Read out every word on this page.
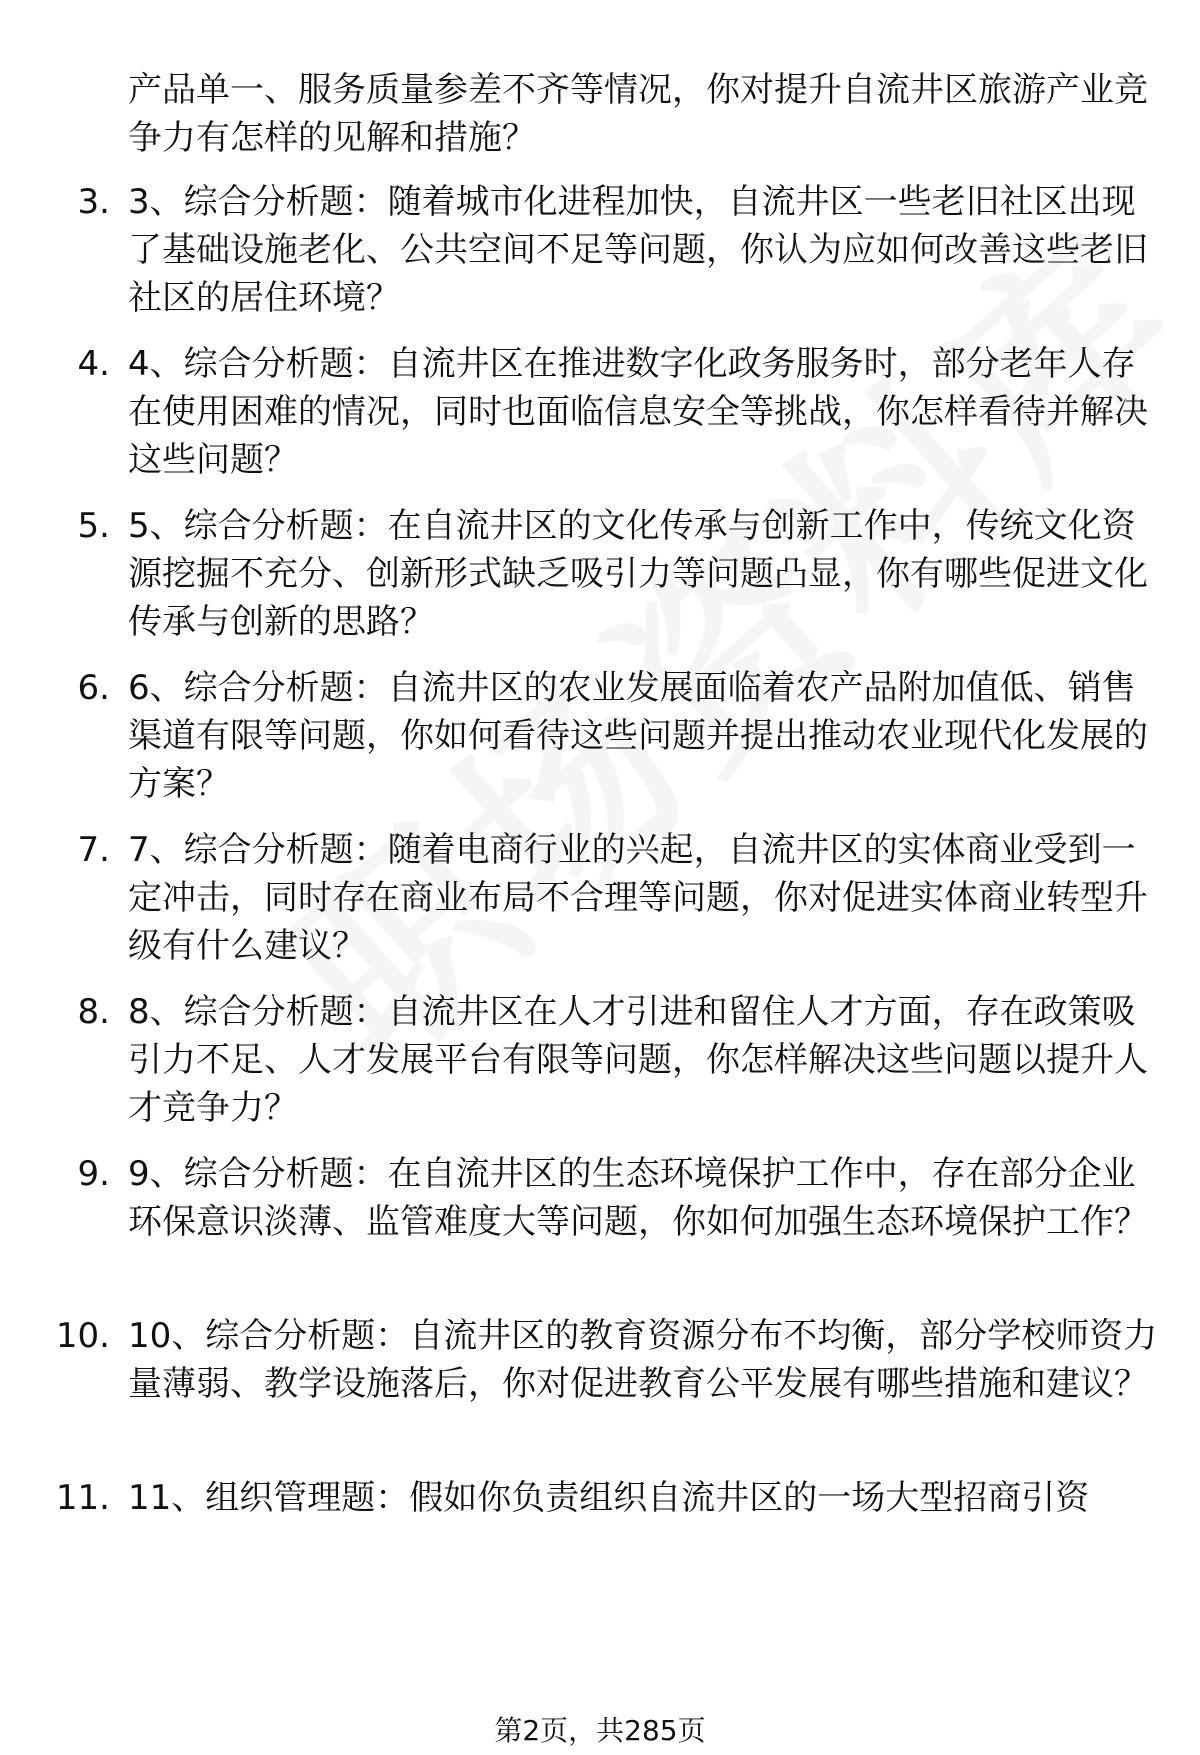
产品单一、服务质量参差不齐等情况，你对提升自流井区旅游产业竞争力有怎样的见解和措施？

3.

3、综合分析题：随着城市化进程加快，自流井区一些老旧社区出现了基础设施老化、公共空间不足等问题，你认为应如何改善这些老旧社区的居住环境？

4.

4、综合分析题：自流井区在推进数字化政务服务时，部分老年人存在使用困难的情况，同时也面临信息安全等挑战，你怎样看待并解决这些问题？

5.

5、综合分析题：在自流井区的文化传承与创新工作中，传统文化资源挖掘不充分、创新形式缺乏吸引力等问题凸显，你有哪些促进文化传承与创新的思路？

6.

6、综合分析题：自流井区的农业发展面临着农产品附加值低、销售渠道有限等问题，你如何看待这些问题并提出推动农业现代化发展的方案？

7.

7、综合分析题：随着电商行业的兴起，自流井区的实体商业受到一定冲击，同时存在商业布局不合理等问题，你对促进实体商业转型升级有什么建议？

8.

8、综合分析题：自流井区在人才引进和留住人才方面，存在政策吸引力不足、人才发展平台有限等问题，你怎样解决这些问题以提升人才竞争力？

9.

9、综合分析题：在自流井区的生态环境保护工作中，存在部分企业环保意识淡薄、监管难度大等问题，你如何加强生态环境保护工作？

10.

10、综合分析题：自流井区的教育资源分布不均衡，部分学校师资力量薄弱、教学设施落后，你对促进教育公平发展有哪些措施和建议？

11.

11、组织管理题：假如你负责组织自流井区的一场大型招商引资

第2页，共285页
